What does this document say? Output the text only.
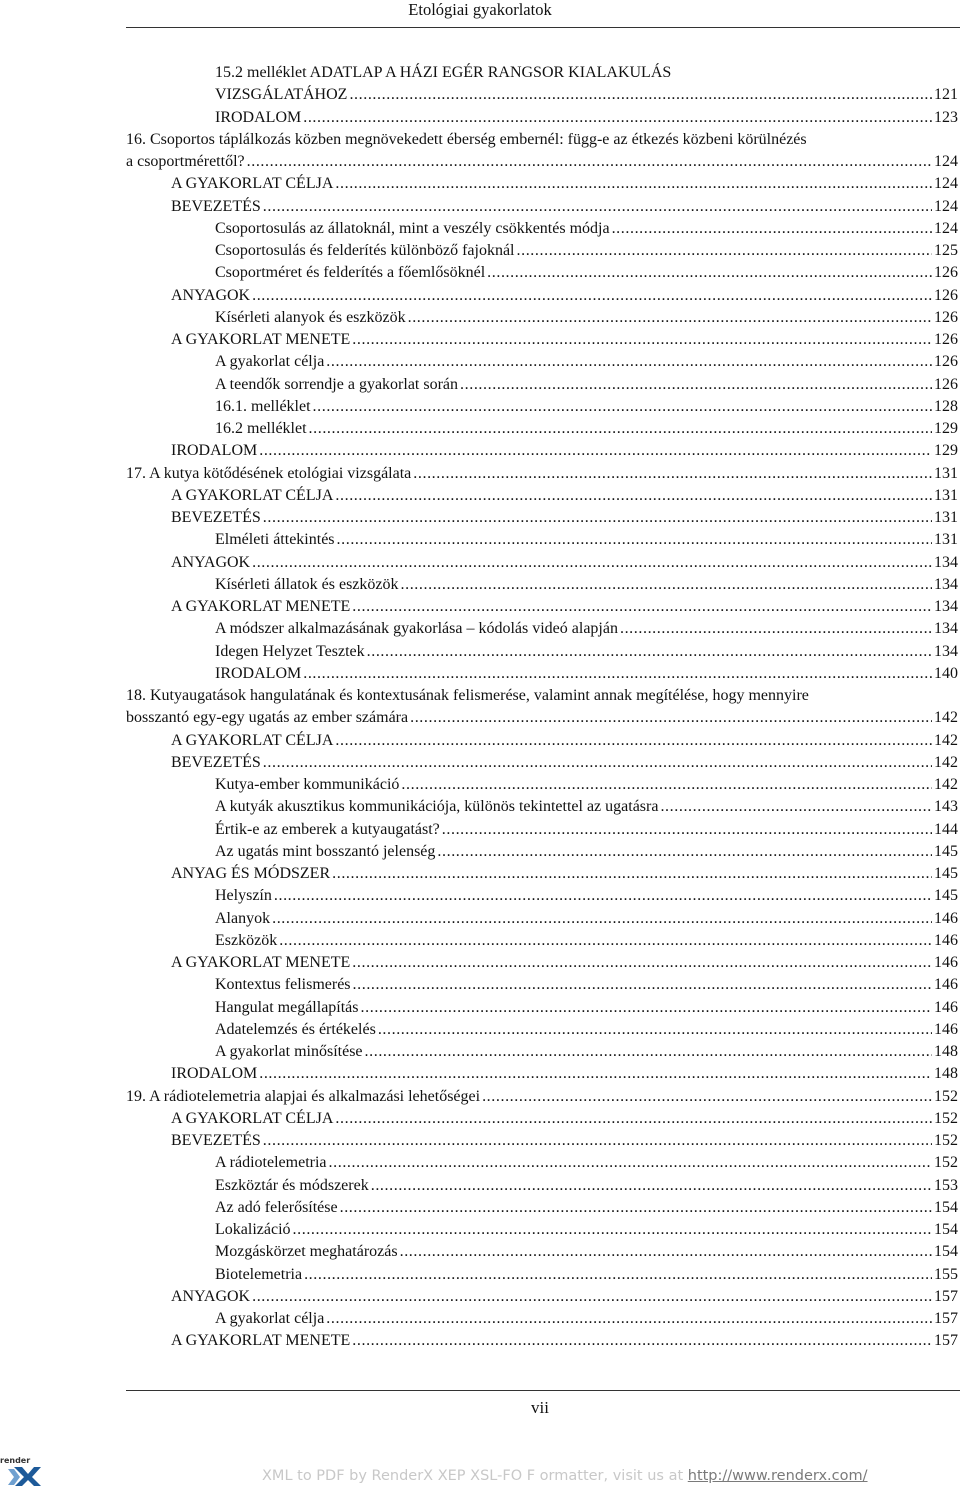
Etológiai gyakorlatok
15.2 melléklet ADATLAP A HÁZI EGÉR RANGSOR KIALAKULÁS
VIZSGÁLATÁHOZ .....	121
IRODALOM .....	123
16. Csoportos táplálkozás közben megnövekedett éberség embernél: függ-e az étkezés közbeni körülnézés
a csoportmérettől? .....	124
A GYAKORLAT CÉLJA .....	124
BEVEZETÉS .....	124
Csoportosulás az állatoknál, mint a veszély csökkentés módja .....	124
Csoportosulás és felderítés különböző fajoknál .....	125
Csoportméret és felderítés a főemlősöknél .....	126
ANYAGOK .....	126
Kísérleti alanyok és eszközök .....	126
A GYAKORLAT MENETE .....	126
A gyakorlat célja .....	126
A teendők sorrendje a gyakorlat során .....	126
16.1. melléklet .....	128
16.2 melléklet .....	129
IRODALOM .....	129
17. A kutya kötődésének etológiai vizsgálata .....	131
A GYAKORLAT CÉLJA .....	131
BEVEZETÉS .....	131
Elméleti áttekintés .....	131
ANYAGOK .....	134
Kísérleti állatok és eszközök .....	134
A GYAKORLAT MENETE .....	134
A módszer alkalmazásának gyakorlása – kódolás videó alapján .....	134
Idegen Helyzet Tesztek .....	134
IRODALOM .....	140
18. Kutyaugatások hangulatának és kontextusának felismerése, valamint annak megítélése, hogy mennyire
bosszantó egy-egy ugatás az ember számára .....	142
A GYAKORLAT CÉLJA .....	142
BEVEZETÉS .....	142
Kutya-ember kommunikáció .....	142
A kutyák akusztikus kommunikációja, különös tekintettel az ugatásra .....	143
Értik-e az emberek a kutyaugatást? .....	144
Az ugatás mint bosszantó jelenség .....	145
ANYAG ÉS MÓDSZER .....	145
Helyszín .....	145
Alanyok .....	146
Eszközök .....	146
A GYAKORLAT MENETE .....	146
Kontextus felismerés .....	146
Hangulat megállapítás .....	146
Adatelemzés és értékelés .....	146
A gyakorlat minősítése .....	148
IRODALOM .....	148
19. A rádiotelemetria alapjai és alkalmazási lehetőségei .....	152
A GYAKORLAT CÉLJA .....	152
BEVEZETÉS .....	152
A rádiotelemetria .....	152
Eszköztár és módszerek .....	153
Az adó felerősítése .....	154
Lokalizáció .....	154
Mozgáskörzet meghatározás .....	154
Biotelemetria .....	155
ANYAGOK .....	157
A gyakorlat célja .....	157
A GYAKORLAT MENETE .....	157
vii
render
XML to PDF by RenderX XEP XSL-FO F ormatter, visit us at http://www.renderx.com/
